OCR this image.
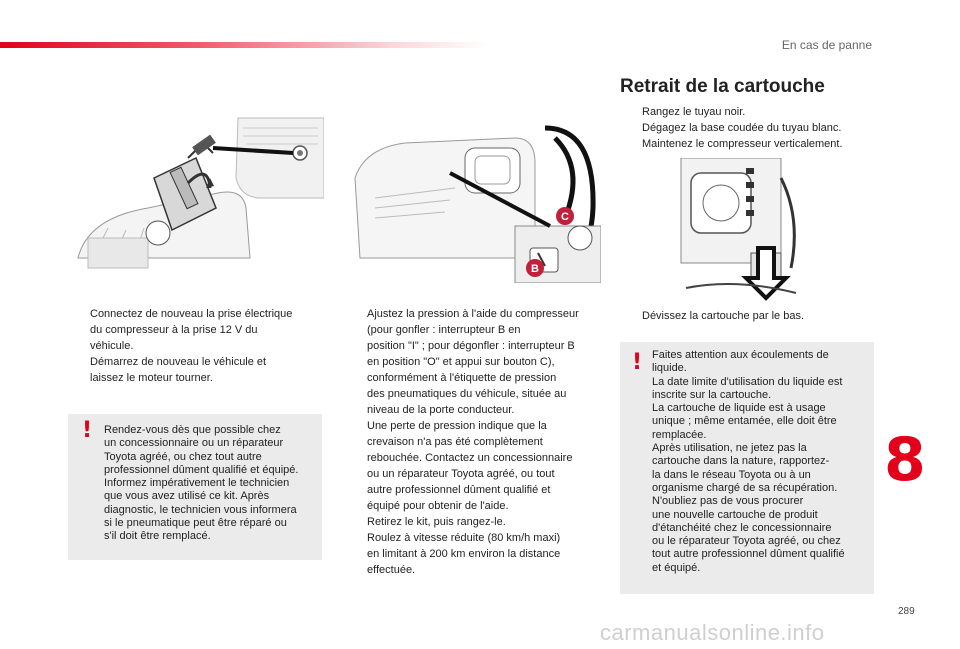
En cas de panne
C
B
Connectez de nouveau la prise électrique
du compresseur à la prise 12 V du
véhicule.
Démarrez de nouveau le véhicule et
laissez le moteur tourner.
! Rendez-vous dès que possible chez
un concessionnaire ou un réparateur
Toyota agréé, ou chez tout autre
professionnel dûment qualifié et équipé.
Informez impérativement le technicien
que vous avez utilisé ce kit. Après
diagnostic, le technicien vous informera
si le pneumatique peut être réparé ou
s'il doit être remplacé.
Ajustez la pression à l'aide du compresseur
(pour gonfler : interrupteur B en
position "I" ; pour dégonfler : interrupteur B
en position "O" et appui sur bouton C),
conformément à l'étiquette de pression
des pneumatiques du véhicule, située au
niveau de la porte conducteur.
Une perte de pression indique que la
crevaison n'a pas été complètement
rebouchée. Contactez un concessionnaire
ou un réparateur Toyota agréé, ou tout
autre professionnel dûment qualifié et
équipé pour obtenir de l'aide.
Retirez le kit, puis rangez-le.
Roulez à vitesse réduite (80 km/h maxi)
en limitant à 200 km environ la distance
effectuée.
Retrait de la cartouche
Rangez le tuyau noir.
Dégagez la base coudée du tuyau blanc.
Maintenez le compresseur verticalement.
Dévissez la cartouche par le bas.
! Faites attention aux écoulements de
liquide.
La date limite d'utilisation du liquide est
inscrite sur la cartouche.
La cartouche de liquide est à usage
unique ; même entamée, elle doit être
remplacée.
Après utilisation, ne jetez pas la
cartouche dans la nature, rapportez-
la dans le réseau Toyota ou à un
organisme chargé de sa récupération.
N'oubliez pas de vous procurer
une nouvelle cartouche de produit
d'étanchéité chez le concessionnaire
ou le réparateur Toyota agréé, ou chez
tout autre professionnel dûment qualifié
et équipé.
8
289
carmanualsonline.info
